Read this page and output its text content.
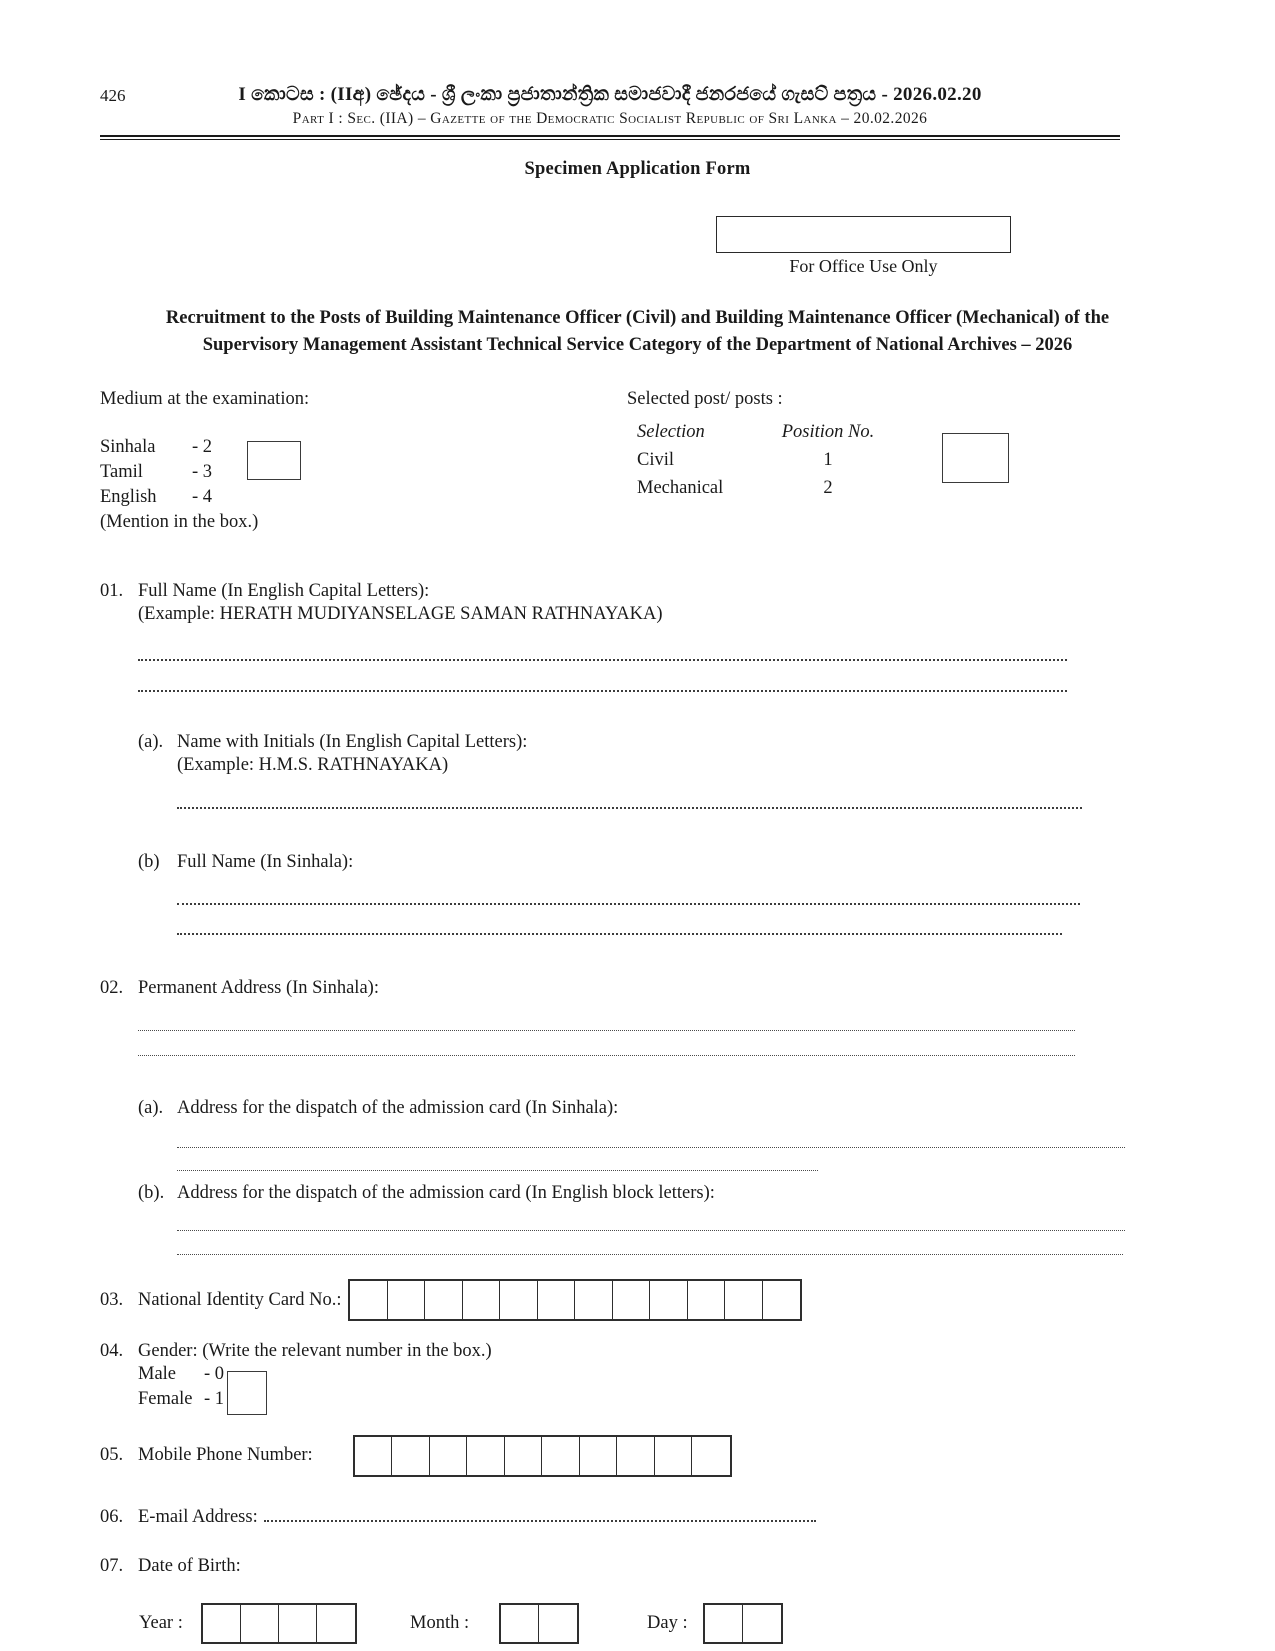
426	I කොටස : (IIඅ) ඡේදය - ශ්‍රී ලංකා ප්‍රජාතාන්ත්‍රික සමාජවාදී ජනරජයේ ගැසට් පත්‍රය - 2026.02.20
Part I : Sec. (IIA) – Gazette of the Democratic Socialist Republic of Sri Lanka – 20.02.2026
Specimen Application Form
For Office Use Only
Recruitment to the Posts of Building Maintenance Officer (Civil) and Building Maintenance Officer (Mechanical) of the Supervisory Management Assistant Technical Service Category of the Department of National Archives – 2026
Medium at the examination:
Sinhala	- 2
Tamil	- 3
English	- 4
(Mention in the box.)
Selected post/ posts :
Selection	Position No.
Civil	1
Mechanical	2
01. Full Name (In English Capital Letters):
(Example: HERATH MUDIYANSELAGE SAMAN RATHNAYAKA)
(a). Name with Initials (In English Capital Letters):
(Example: H.M.S. RATHNAYAKA)
(b) Full Name (In Sinhala):
02. Permanent Address (In Sinhala):
(a). Address for the dispatch of the admission card (In Sinhala):
(b). Address for the dispatch of the admission card (In English block letters):
03. National Identity Card No.:
04. Gender: (Write the relevant number in the box.)
Male	- 0
Female - 1
05. Mobile Phone Number:
06. E-mail Address:
07. Date of Birth:
Year :	Month :	Day :
